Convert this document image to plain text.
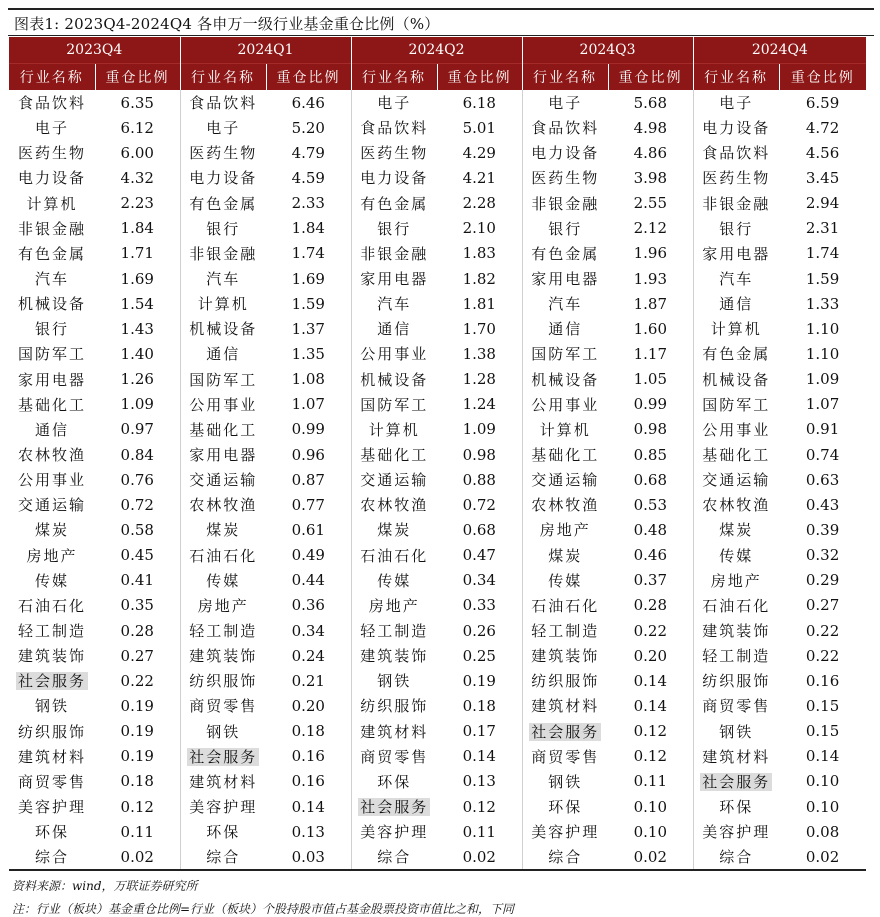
图表1: 2023Q4-2024Q4 各申万一级行业基金重仓比例（%）
2023Q4		2024Q1		2024Q2		2024Q3		2024Q4	
行业名称	重仓比例	行业名称	重仓比例	行业名称	重仓比例	行业名称	重仓比例	行业名称	重仓比例
食品饮料	6.35	食品饮料	6.46	电子	6.18	电子	5.68	电子	6.59
电子	6.12	电子	5.20	食品饮料	5.01	食品饮料	4.98	电力设备	4.72
医药生物	6.00	医药生物	4.79	医药生物	4.29	电力设备	4.86	食品饮料	4.56
电力设备	4.32	电力设备	4.59	电力设备	4.21	医药生物	3.98	医药生物	3.45
计算机	2.23	有色金属	2.33	有色金属	2.28	非银金融	2.55	非银金融	2.94
非银金融	1.84	银行	1.84	银行	2.10	银行	2.12	银行	2.31
有色金属	1.71	非银金融	1.74	非银金融	1.83	有色金属	1.96	家用电器	1.74
汽车	1.69	汽车	1.69	家用电器	1.82	家用电器	1.93	汽车	1.59
机械设备	1.54	计算机	1.59	汽车	1.81	汽车	1.87	通信	1.33
银行	1.43	机械设备	1.37	通信	1.70	通信	1.60	计算机	1.10
国防军工	1.40	通信	1.35	公用事业	1.38	国防军工	1.17	有色金属	1.10
家用电器	1.26	国防军工	1.08	机械设备	1.28	机械设备	1.05	机械设备	1.09
基础化工	1.09	公用事业	1.07	国防军工	1.24	公用事业	0.99	国防军工	1.07
通信	0.97	基础化工	0.99	计算机	1.09	计算机	0.98	公用事业	0.91
农林牧渔	0.84	家用电器	0.96	基础化工	0.98	基础化工	0.85	基础化工	0.74
公用事业	0.76	交通运输	0.87	交通运输	0.88	交通运输	0.68	交通运输	0.63
交通运输	0.72	农林牧渔	0.77	农林牧渔	0.72	农林牧渔	0.53	农林牧渔	0.43
煤炭	0.58	煤炭	0.61	煤炭	0.68	房地产	0.48	煤炭	0.39
房地产	0.45	石油石化	0.49	石油石化	0.47	煤炭	0.46	传媒	0.32
传媒	0.41	传媒	0.44	传媒	0.34	传媒	0.37	房地产	0.29
石油石化	0.35	房地产	0.36	房地产	0.33	石油石化	0.28	石油石化	0.27
轻工制造	0.28	轻工制造	0.34	轻工制造	0.26	轻工制造	0.22	建筑装饰	0.22
建筑装饰	0.27	建筑装饰	0.24	建筑装饰	0.25	建筑装饰	0.20	轻工制造	0.22
社会服务	0.22	纺织服饰	0.21	钢铁	0.19	纺织服饰	0.14	纺织服饰	0.16
钢铁	0.19	商贸零售	0.20	纺织服饰	0.18	建筑材料	0.14	商贸零售	0.15
纺织服饰	0.19	钢铁	0.18	建筑材料	0.17	社会服务	0.12	钢铁	0.15
建筑材料	0.19	社会服务	0.16	商贸零售	0.14	商贸零售	0.12	建筑材料	0.14
商贸零售	0.18	建筑材料	0.16	环保	0.13	钢铁	0.11	社会服务	0.10
美容护理	0.12	美容护理	0.14	社会服务	0.12	环保	0.10	环保	0.10
环保	0.11	环保	0.13	美容护理	0.11	美容护理	0.10	美容护理	0.08
综合	0.02	综合	0.03	综合	0.02	综合	0.02	综合	0.02
资料来源：wind，万联证券研究所
注：行业（板块）基金重仓比例=行业（板块）个股持股市值占基金股票投资市值比之和，下同
